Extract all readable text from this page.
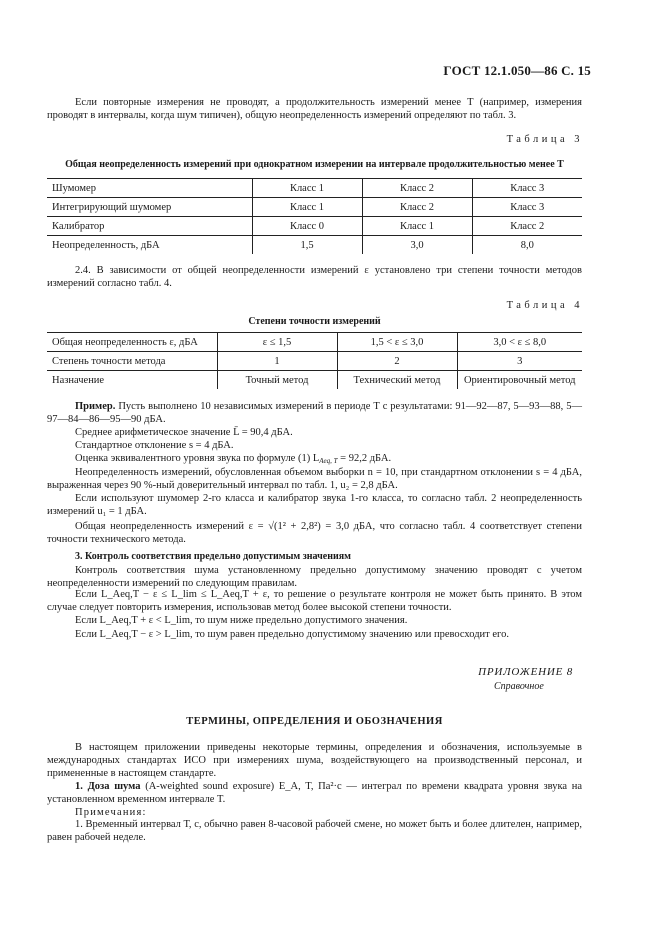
ГОСТ 12.1.050—86 С. 15
Если повторные измерения не проводят, а продолжительность измерений менее Т (например, измерения проводят в интервалы, когда шум типичен), общую неопределенность измерений определяют по табл. 3.
Таблица 3
Общая неопределенность измерений при однократном измерении на интервале продолжительностью менее Т
Шумомер	Класс 1	Класс 2	Класс 3
Интегрирующий шумомер	Класс 1	Класс 2	Класс 3
Калибратор	Класс 0	Класс 1	Класс 2
Неопределенность, дБА	1,5	3,0	8,0
2.4. В зависимости от общей неопределенности измерений ε установлено три степени точности методов измерений согласно табл. 4.
Таблица 4
Степени точности измерений
Общая неопределенность ε, дБА	ε ≤ 1,5	1,5 < ε ≤ 3,0	3,0 < ε ≤ 8,0
Степень точности метода	1	2	3
Назначение	Точный метод	Технический метод	Ориентировочный метод
Пример. Пусть выполнено 10 независимых измерений в периоде Т с результатами: 91—92—87, 5—93—88, 5—97—84—86—95—90 дБА.
Среднее арифметическое значение L̄ = 90,4 дБА.
Стандартное отклонение s = 4 дБА.
Оценка эквивалентного уровня звука по формуле (1) $L_{Aeq, T} = 92,2$ дБА.
Неопределенность измерений, обусловленная объемом выборки n = 10, при стандартном отклонении s = 4 дБА, выраженная через 90 %-ный доверительный интервал по табл. 1, u₂ = 2,8 дБА.
Если используют шумомер 2-го класса и калибратор звука 1-го класса, то согласно табл. 2 неопределенность измерений u₁ = 1 дБА.
Общая неопределенность измерений ε = √(1² + 2,8²) = 3,0 дБА, что согласно табл. 4 соответствует степени точности технического метода.
3. Контроль соответствия предельно допустимым значениям
Контроль соответствия шума установленному предельно допустимому значению проводят с учетом неопределенности измерений по следующим правилам.
Если L_Aeq,T − ε ≤ L_lim ≤ L_Aeq,T + ε, то решение о результате контроля не может быть принято. В этом случае следует повторить измерения, использовав метод более высокой степени точности.
Если L_Aeq,T + ε < L_lim, то шум ниже предельно допустимого значения.
Если L_Aeq,T − ε > L_lim, то шум равен предельно допустимому значению или превосходит его.
ПРИЛОЖЕНИЕ 8
Справочное
ТЕРМИНЫ, ОПРЕДЕЛЕНИЯ И ОБОЗНАЧЕНИЯ
В настоящем приложении приведены некоторые термины, определения и обозначения, используемые в международных стандартах ИСО при измерениях шума, воздействующего на производственный персонал, и примененные в настоящем стандарте.
1. Доза шума (A-weighted sound exposure) E_A, T, Па²·с — интеграл по времени квадрата уровня звука на установленном временном интервале T.
Примечания:
1. Временный интервал Т, с, обычно равен 8-часовой рабочей смене, но может быть и более длителен, например, равен рабочей неделе.
